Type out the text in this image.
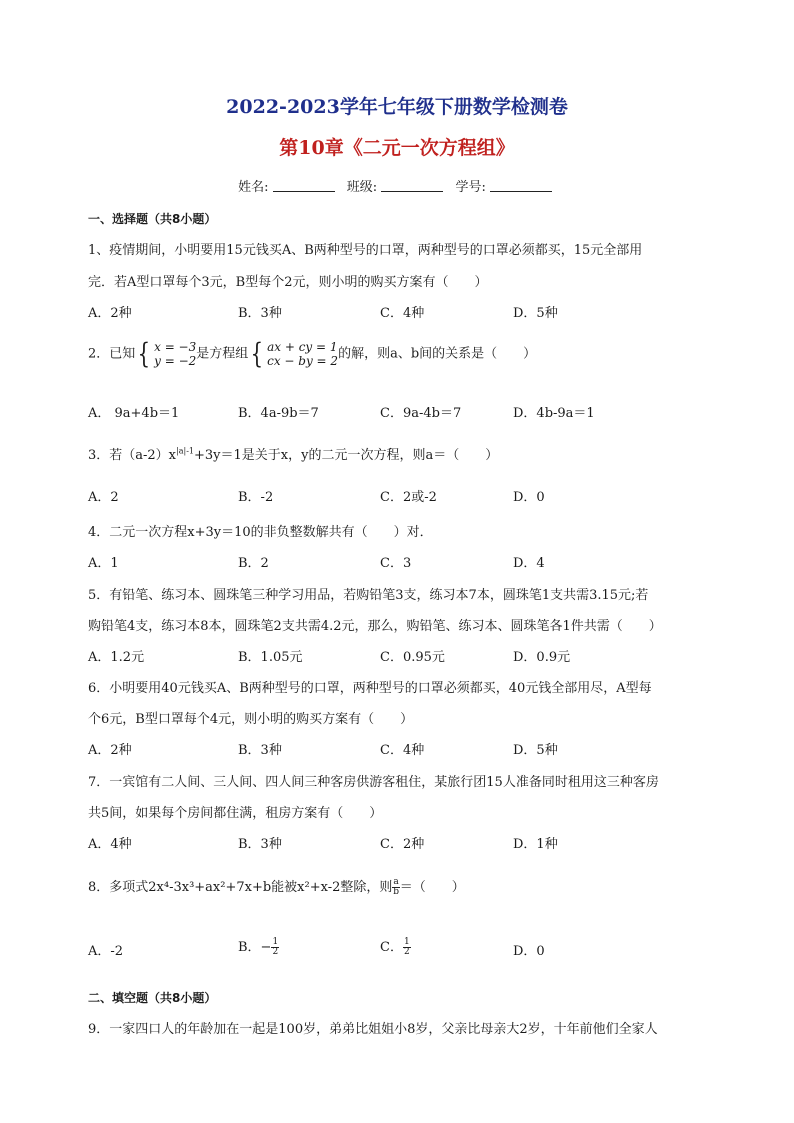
2022-2023学年七年级下册数学检测卷
第10章《二元一次方程组》
姓名:	班级:	学号:
一、选择题（共8小题）
1、疫情期间，小明要用15元钱买A、B两种型号的口罩，两种型号的口罩必须都买，15元全部用
完．若A型口罩每个3元，B型每个2元，则小明的购买方案有（　　）
A．2种	B．3种	C．4种	D．5种
2．已知 { x = −3
y = −2 是方程组 { ax + cy = 1
cx − by = 2 的解，则a、b间的关系是（　　）
A． 9a+4b＝1	B．4a-9b＝7	C．9a-4b＝7	D．4b-9a＝1
3．若$(a-2)x^{|a|-1}+3y=1$是关于x，y的二元一次方程，则a＝（　　）
A．2	B．-2	C．2或-2	D．0
4．二元一次方程x+3y＝10的非负整数解共有（　　）对．
A．1	B．2	C．3	D．4
5．有铅笔、练习本、圆珠笔三种学习用品，若购铅笔3支，练习本7本，圆珠笔1支共需3.15元;若
购铅笔4支，练习本8本，圆珠笔2支共需4.2元，那么，购铅笔、练习本、圆珠笔各1件共需（　　）
A．1.2元	B．1.05元	C．0.95元	D．0.9元
6．小明要用40元钱买A、B两种型号的口罩，两种型号的口罩必须都买，40元钱全部用尽，A型每
个6元，B型口罩每个4元，则小明的购买方案有（　　）
A．2种	B．3种	C．4种	D．5种
7．一宾馆有二人间、三人间、四人间三种客房供游客租住，某旅行团15人准备同时租用这三种客房
共5间，如果每个房间都住满，租房方案有（　　）
A．4种	B．3种	C．2种	D．1种
8．多项式2x⁴-3x³+ax²+7x+b能被x²+x-2整除，则 $\frac{a}{b}$ ＝（　　）
A．-2	B．− $\frac{1}{2}$	C． $\frac{1}{2}$	D．0
二、填空题（共8小题）
9．一家四口人的年龄加在一起是100岁，弟弟比姐姐小8岁，父亲比母亲大2岁，十年前他们全家人
